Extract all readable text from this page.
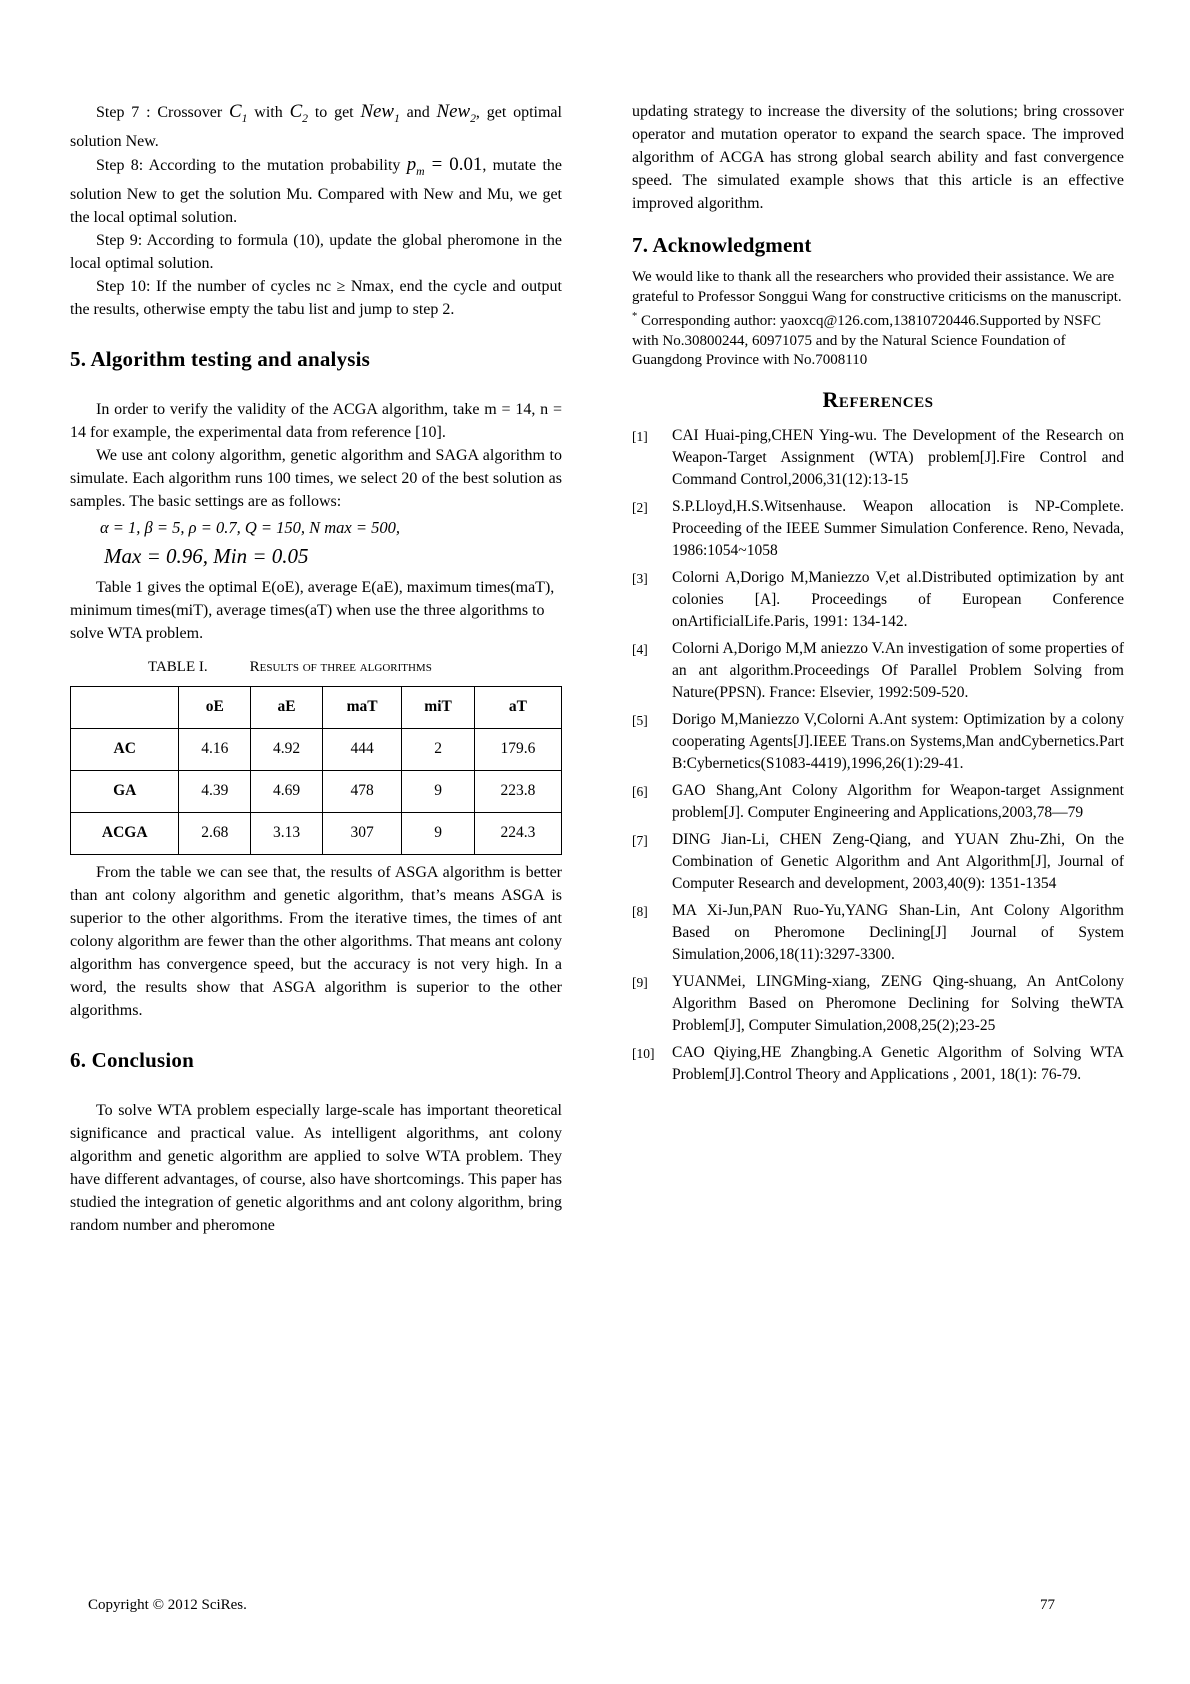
Step 7 : Crossover $C_1$ with $C_2$ to get New$_1$ and New$_2$, get optimal solution New.

Step 8: According to the mutation probability $p_m = 0.01$, mutate the solution New to get the solution Mu. Compared with New and Mu, we get the local optimal solution.

Step 9: According to formula (10), update the global pheromone in the local optimal solution.

Step 10: If the number of cycles nc ≥ Nmax, end the cycle and output the results, otherwise empty the tabu list and jump to step 2.

5. Algorithm testing and analysis

In order to verify the validity of the ACGA algorithm, take m = 14, n = 14 for example, the experimental data from reference [10].

We use ant colony algorithm, genetic algorithm and SAGA algorithm to simulate. Each algorithm runs 100 times, we select 20 of the best solution as samples. The basic settings are as follows:

α = 1, β = 5, ρ = 0.7, Q = 150, N max = 500,
Max = 0.96, Min = 0.05

Table 1 gives the optimal E(oE), average E(aE), maximum times(maT), minimum times(miT), average times(aT) when use the three algorithms to solve WTA problem.

TABLE I.	Results of three algorithms
	oE	aE	maT	miT	aT
AC	4.16	4.92	444	2	179.6
GA	4.39	4.69	478	9	223.8
ACGA	2.68	3.13	307	9	224.3

From the table we can see that, the results of ASGA algorithm is better than ant colony algorithm and genetic algorithm, that’s means ASGA is superior to the other algorithms. From the iterative times, the times of ant colony algorithm are fewer than the other algorithms. That means ant colony algorithm has convergence speed, but the accuracy is not very high. In a word, the results show that ASGA algorithm is superior to the other algorithms.

6. Conclusion

To solve WTA problem especially large-scale has important theoretical significance and practical value. As intelligent algorithms, ant colony algorithm and genetic algorithm are applied to solve WTA problem. They have different advantages, of course, also have shortcomings. This paper has studied the integration of genetic algorithms and ant colony algorithm, bring random number and pheromone

updating strategy to increase the diversity of the solutions; bring crossover operator and mutation operator to expand the search space. The improved algorithm of ACGA has strong global search ability and fast convergence speed. The simulated example shows that this article is an effective improved algorithm.

7. Acknowledgment

We would like to thank all the researchers who provided their assistance. We are grateful to Professor Songgui Wang for constructive criticisms on the manuscript. * Corresponding author: yaoxcq@126.com,13810720446.Supported by NSFC with No.30800244, 60971075 and by the Natural Science Foundation of Guangdong Province with No.7008110

References
[1]	CAI Huai-ping,CHEN Ying-wu. The Development of the Research on Weapon-Target Assignment (WTA) problem[J].Fire Control and Command Control,2006,31(12):13-15
[2]	S.P.Lloyd,H.S.Witsenhause. Weapon allocation is NP-Complete. Proceeding of the IEEE Summer Simulation Conference. Reno, Nevada, 1986:1054~1058
[3]	Colorni A,Dorigo M,Maniezzo V,et al.Distributed optimization by ant colonies [A]. Proceedings of European Conference onArtificialLife.Paris, 1991: 134-142.
[4]	Colorni A,Dorigo M,M aniezzo V.An investigation of some properties of an ant algorithm.Proceedings Of Parallel Problem Solving from Nature(PPSN). France: Elsevier, 1992:509-520.
[5]	Dorigo M,Maniezzo V,Colorni A.Ant system: Optimization by a colony cooperating Agents[J].IEEE Trans.on Systems,Man andCybernetics.Part B:Cybernetics(S1083-4419),1996,26(1):29-41.
[6]	GAO Shang,Ant Colony Algorithm for Weapon-target Assignment problem[J]. Computer Engineering and Applications,2003,78—79
[7]	DING Jian-Li, CHEN Zeng-Qiang, and YUAN Zhu-Zhi, On the Combination of Genetic Algorithm and Ant Algorithm[J], Journal of Computer Research and development, 2003,40(9): 1351-1354
[8]	MA Xi-Jun,PAN Ruo-Yu,YANG Shan-Lin, Ant Colony Algorithm Based on Pheromone Declining[J] Journal of System Simulation,2006,18(11):3297-3300.
[9]	YUANMei, LINGMing-xiang, ZENG Qing-shuang, An AntColony Algorithm Based on Pheromone Declining for Solving theWTA Problem[J], Computer Simulation,2008,25(2);23-25
[10]	CAO Qiying,HE Zhangbing.A Genetic Algorithm of Solving WTA Problem[J].Control Theory and Applications , 2001, 18(1): 76-79.
Copyright © 2012 SciRes.	77
